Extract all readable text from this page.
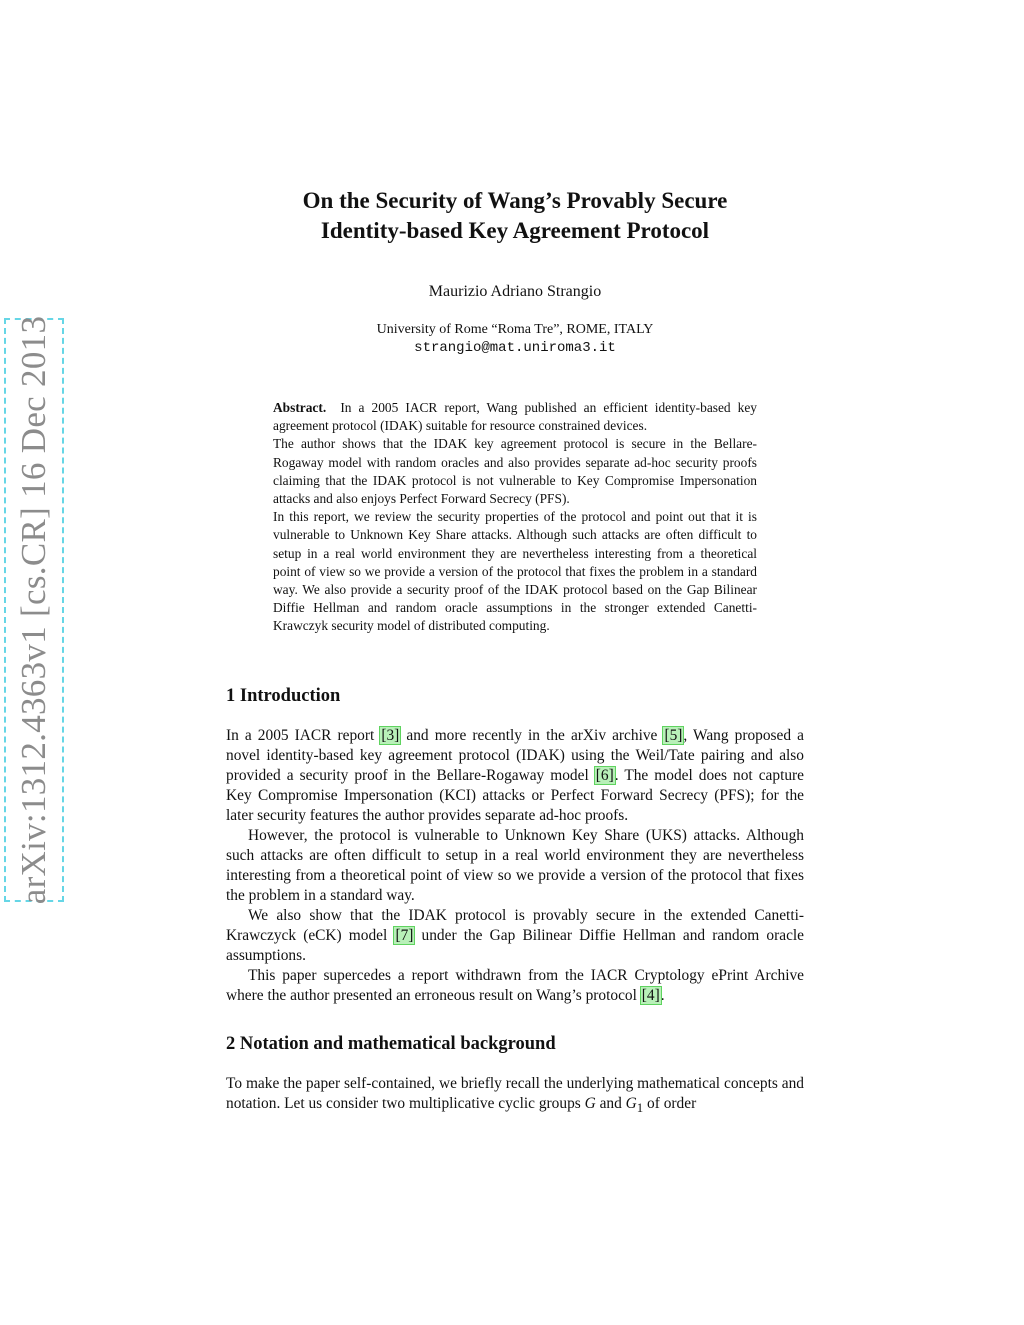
arXiv:1312.4363v1 [cs.CR] 16 Dec 2013
On the Security of Wang’s Provably Secure
Identity-based Key Agreement Protocol
Maurizio Adriano Strangio
University of Rome “Roma Tre”, ROME, ITALY
strangio@mat.uniroma3.it

Abstract. In a 2005 IACR report, Wang published an efficient identity-based key agreement protocol (IDAK) suitable for resource constrained devices.

The author shows that the IDAK key agreement protocol is secure in the Bellare-Rogaway model with random oracles and also provides separate ad-hoc security proofs claiming that the IDAK protocol is not vulnerable to Key Compromise Impersonation attacks and also enjoys Perfect Forward Secrecy (PFS).

In this report, we review the security properties of the protocol and point out that it is vulnerable to Unknown Key Share attacks. Although such attacks are often difficult to setup in a real world environment they are nevertheless interesting from a theoretical point of view so we provide a version of the protocol that fixes the problem in a standard way. We also provide a security proof of the IDAK protocol based on the Gap Bilinear Diffie Hellman and random oracle assumptions in the stronger extended Canetti-Krawczyk security model of distributed computing.

1 Introduction

In a 2005 IACR report [3] and more recently in the arXiv archive [5], Wang proposed a novel identity-based key agreement protocol (IDAK) using the Weil/Tate pairing and also provided a security proof in the Bellare-Rogaway model [6]. The model does not capture Key Compromise Impersonation (KCI) attacks or Perfect Forward Secrecy (PFS); for the later security features the author provides separate ad-hoc proofs.

However, the protocol is vulnerable to Unknown Key Share (UKS) attacks. Although such attacks are often difficult to setup in a real world environment they are nevertheless interesting from a theoretical point of view so we provide a version of the protocol that fixes the problem in a standard way.

We also show that the IDAK protocol is provably secure in the extended Canetti-Krawczyck (eCK) model [7] under the Gap Bilinear Diffie Hellman and random oracle assumptions.

This paper supercedes a report withdrawn from the IACR Cryptology ePrint Archive where the author presented an erroneous result on Wang’s protocol [4].

2 Notation and mathematical background

To make the paper self-contained, we briefly recall the underlying mathematical concepts and notation. Let us consider two multiplicative cyclic groups G and $G_1$ of order
